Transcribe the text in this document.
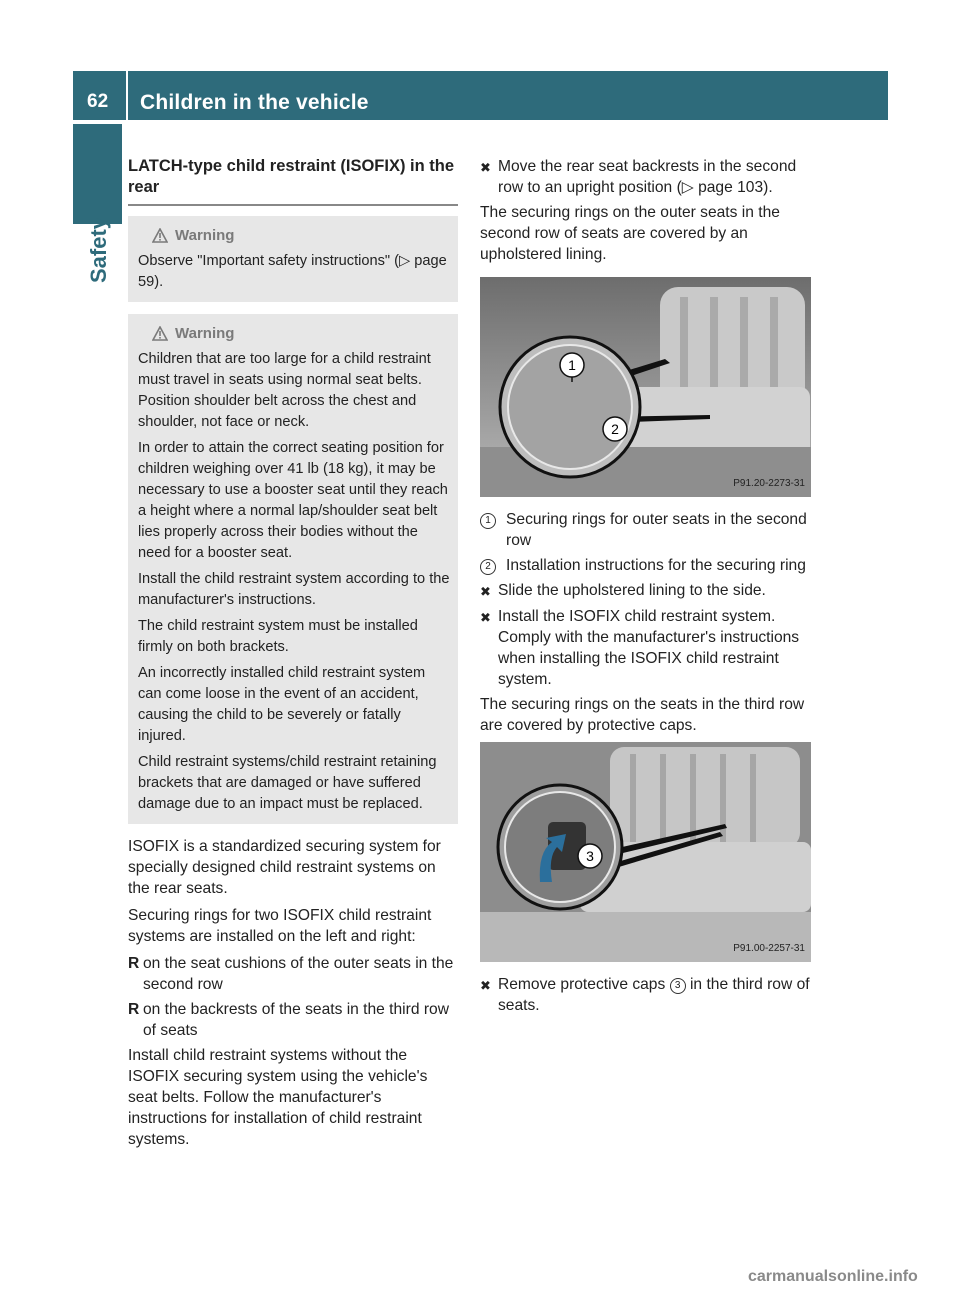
62 Children in the vehicle
Safety
LATCH-type child restraint (ISOFIX) in the rear
Warning

Observe "Important safety instructions" (▷ page 59).

Warning

Children that are too large for a child restraint must travel in seats using normal seat belts. Position shoulder belt across the chest and shoulder, not face or neck.

In order to attain the correct seating position for children weighing over 41 lb (18 kg), it may be necessary to use a booster seat until they reach a height where a normal lap/shoulder seat belt lies properly across their bodies without the need for a booster seat.

Install the child restraint system according to the manufacturer's instructions.

The child restraint system must be installed firmly on both brackets.

An incorrectly installed child restraint system can come loose in the event of an accident, causing the child to be severely or fatally injured.

Child restraint systems/child restraint retaining brackets that are damaged or have suffered damage due to an impact must be replaced.

ISOFIX is a standardized securing system for specially designed child restraint systems on the rear seats.

Securing rings for two ISOFIX child restraint systems are installed on the left and right:

R on the seat cushions of the outer seats in the second row
R on the backrests of the seats in the third row of seats

Install child restraint systems without the ISOFIX securing system using the vehicle's seat belts. Follow the manufacturer's instructions for installation of child restraint systems.

✖ Move the rear seat backrests in the second row to an upright position (▷ page 103).

The securing rings on the outer seats in the second row of seats are covered by an upholstered lining.

1
2
P91.20-2273-31
1 Securing rings for outer seats in the second row
2 Installation instructions for the securing ring
✖ Slide the upholstered lining to the side.
✖ Install the ISOFIX child restraint system. Comply with the manufacturer's instructions when installing the ISOFIX child restraint system.

The securing rings on the seats in the third row are covered by protective caps.

3
P91.00-2257-31
✖ Remove protective caps 3 in the third row of seats.
carmanualsonline.info
